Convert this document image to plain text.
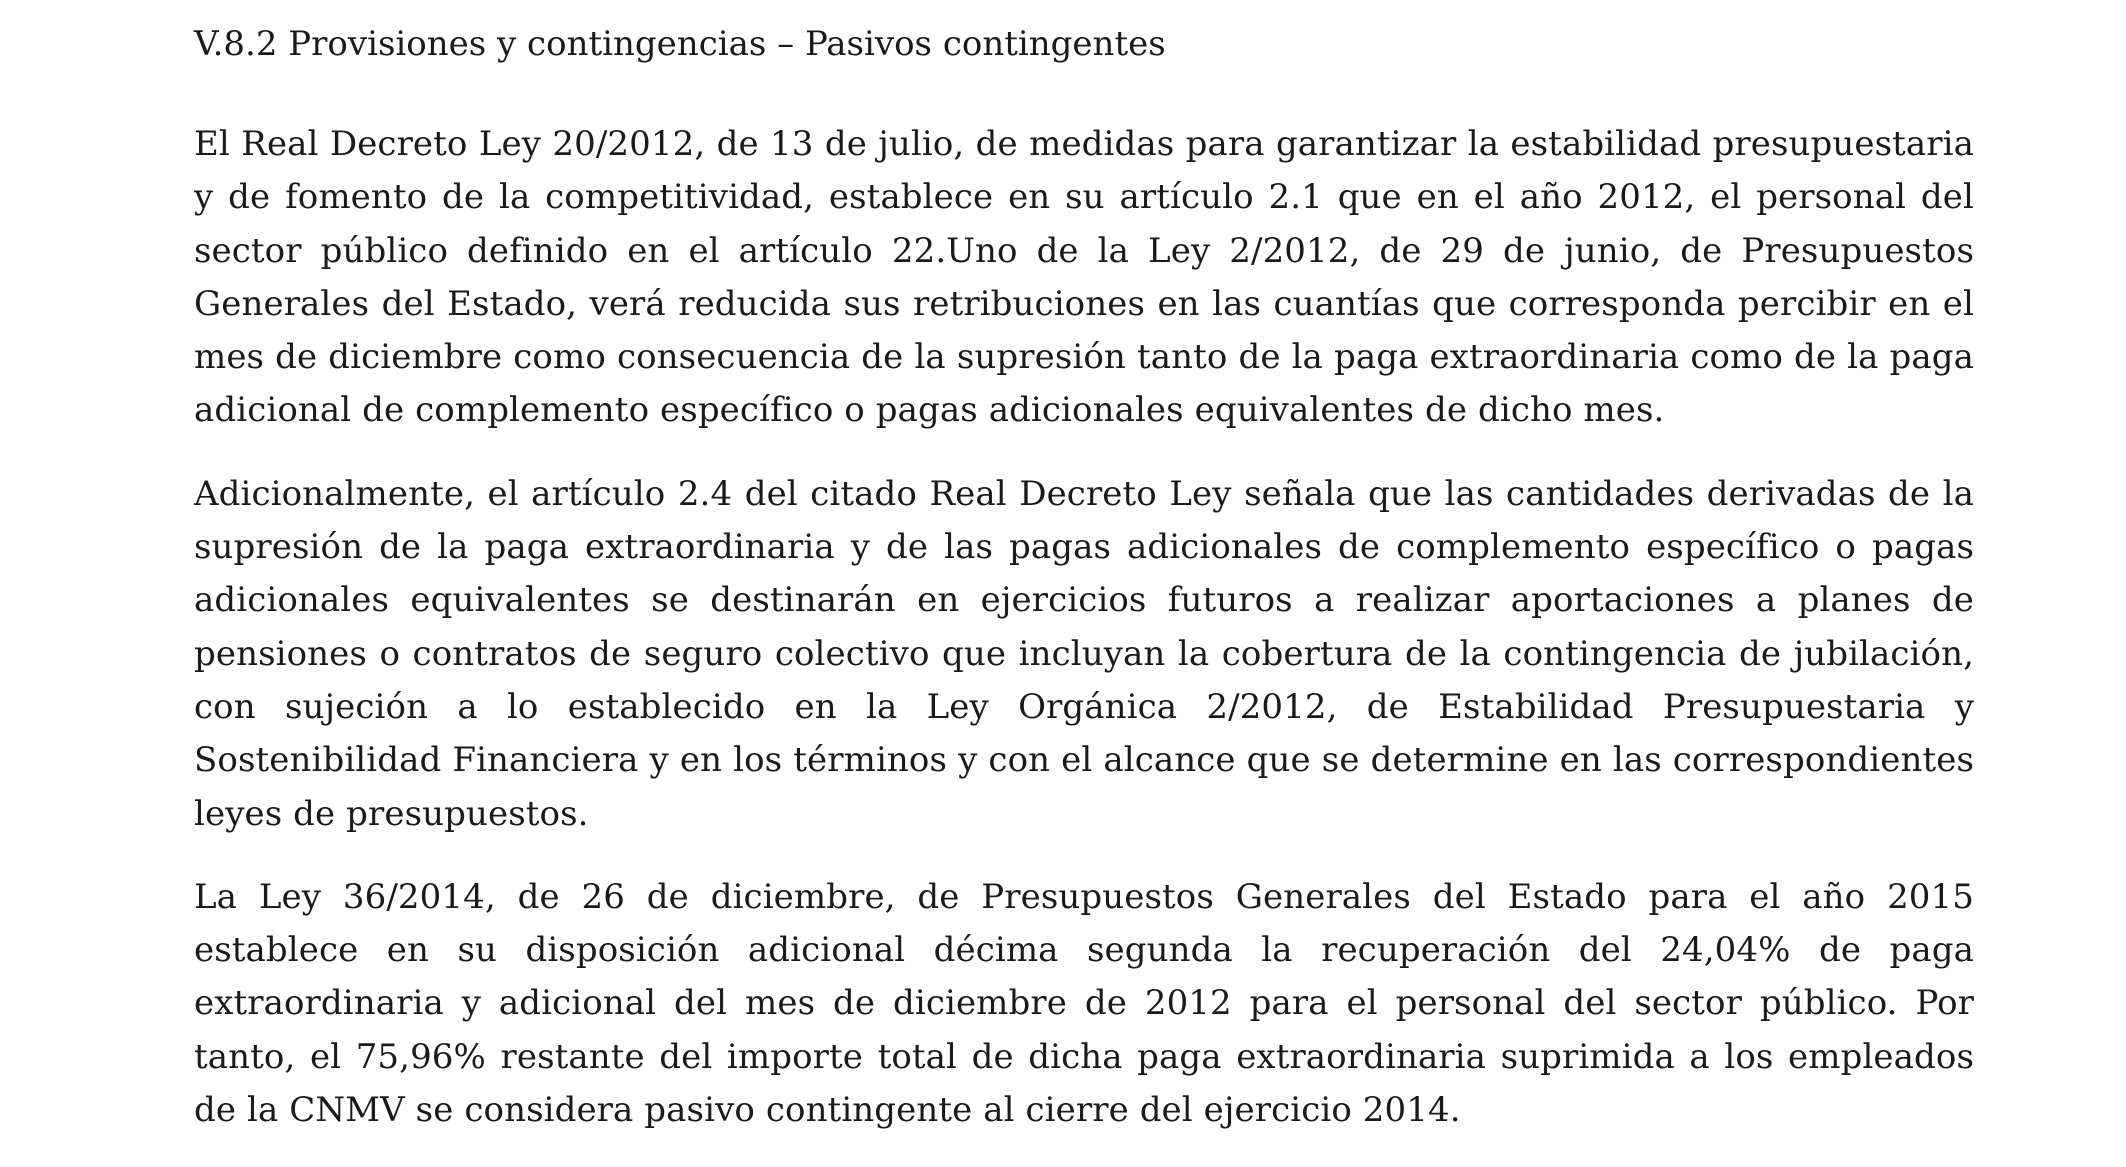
V.8.2 Provisiones y contingencias – Pasivos contingentes

El Real Decreto Ley 20/2012, de 13 de julio, de medidas para garantizar la estabilidad presupuestaria y de fomento de la competitividad, establece en su artículo 2.1 que en el año 2012, el personal del sector público definido en el artículo 22.Uno de la Ley 2/2012, de 29 de junio, de Presupuestos Generales del Estado, verá reducida sus retribuciones en las cuantías que corresponda percibir en el mes de diciembre como consecuencia de la supresión tanto de la paga extraordinaria como de la paga adicional de complemento específico o pagas adicionales equivalentes de dicho mes.

Adicionalmente, el artículo 2.4 del citado Real Decreto Ley señala que las cantidades derivadas de la supresión de la paga extraordinaria y de las pagas adicionales de complemento específico o pagas adicionales equivalentes se destinarán en ejercicios futuros a realizar aportaciones a planes de pensiones o contratos de seguro colectivo que incluyan la cobertura de la contingencia de jubilación, con sujeción a lo establecido en la Ley Orgánica 2/2012, de Estabilidad Presupuestaria y Sostenibilidad Financiera y en los términos y con el alcance que se determine en las correspondientes leyes de presupuestos.

La Ley 36/2014, de 26 de diciembre, de Presupuestos Generales del Estado para el año 2015 establece en su disposición adicional décima segunda la recuperación del 24,04% de paga extraordinaria y adicional del mes de diciembre de 2012 para el personal del sector público. Por tanto, el 75,96% restante del importe total de dicha paga extraordinaria suprimida a los empleados de la CNMV se considera pasivo contingente al cierre del ejercicio 2014.
